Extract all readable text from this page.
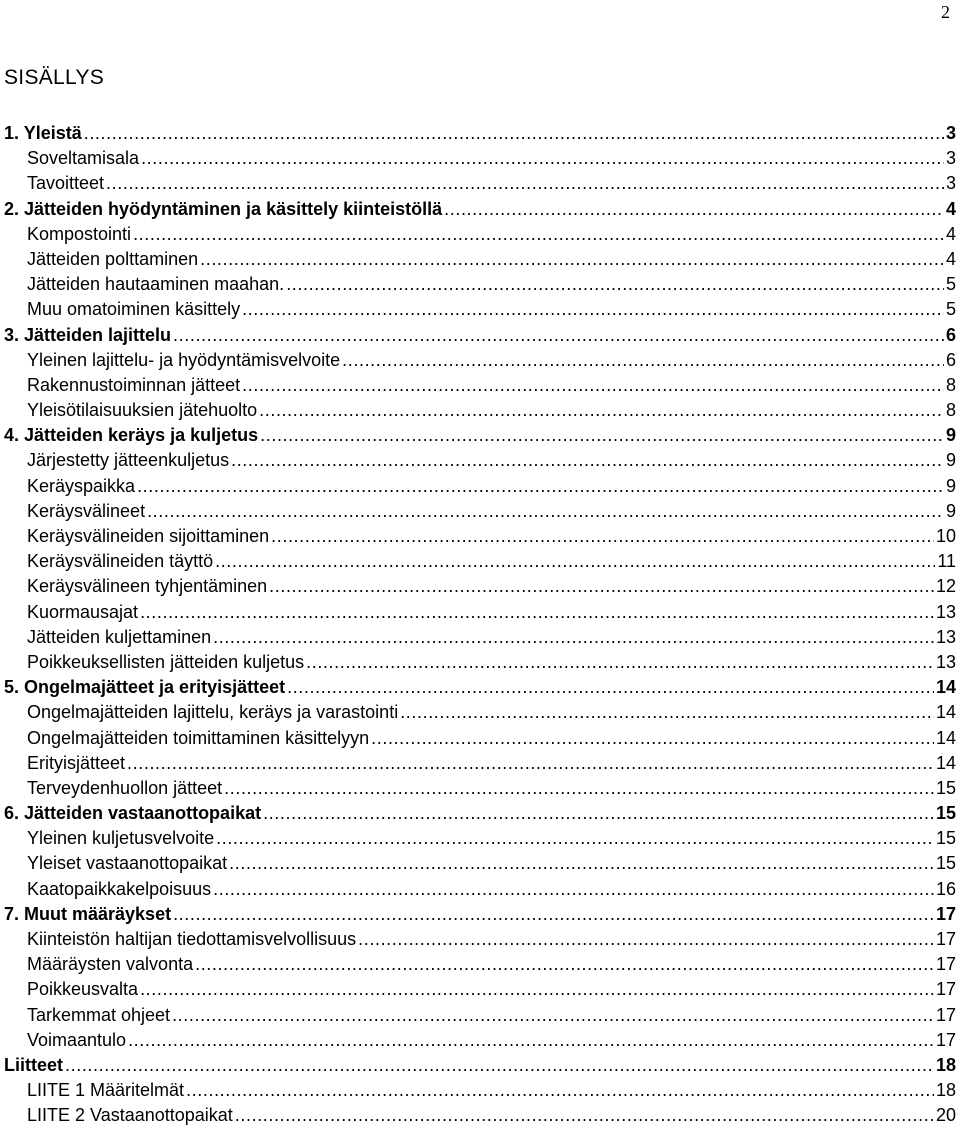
2
SISÄLLYS
1. Yleistä .....	3
Soveltamisala .....	3
Tavoitteet .....	3
2. Jätteiden hyödyntäminen ja käsittely kiinteistöllä .....	4
Kompostointi .....	4
Jätteiden polttaminen .....	4
Jätteiden hautaaminen maahan. .....	5
Muu omatoiminen käsittely .....	5
3. Jätteiden lajittelu .....	6
Yleinen lajittelu- ja hyödyntämisvelvoite .....	6
Rakennustoiminnan jätteet .....	8
Yleisötilaisuuksien jätehuolto .....	8
4. Jätteiden keräys ja kuljetus .....	9
Järjestetty jätteenkuljetus .....	9
Keräyspaikka .....	9
Keräysvälineet .....	9
Keräysvälineiden sijoittaminen .....	10
Keräysvälineiden täyttö .....	11
Keräysvälineen tyhjentäminen .....	12
Kuormausajat .....	13
Jätteiden kuljettaminen .....	13
Poikkeuksellisten jätteiden kuljetus .....	13
5. Ongelmajätteet ja erityisjätteet .....	14
Ongelmajätteiden lajittelu, keräys ja varastointi .....	14
Ongelmajätteiden toimittaminen käsittelyyn .....	14
Erityisjätteet .....	14
Terveydenhuollon jätteet .....	15
6. Jätteiden vastaanottopaikat .....	15
Yleinen kuljetusvelvoite .....	15
Yleiset vastaanottopaikat .....	15
Kaatopaikkakelpoisuus .....	16
7. Muut määräykset .....	17
Kiinteistön haltijan tiedottamisvelvollisuus .....	17
Määräysten valvonta .....	17
Poikkeusvalta .....	17
Tarkemmat ohjeet .....	17
Voimaantulo .....	17
Liitteet .....	18
LIITE 1 Määritelmät .....	18
LIITE 2 Vastaanottopaikat .....	20
